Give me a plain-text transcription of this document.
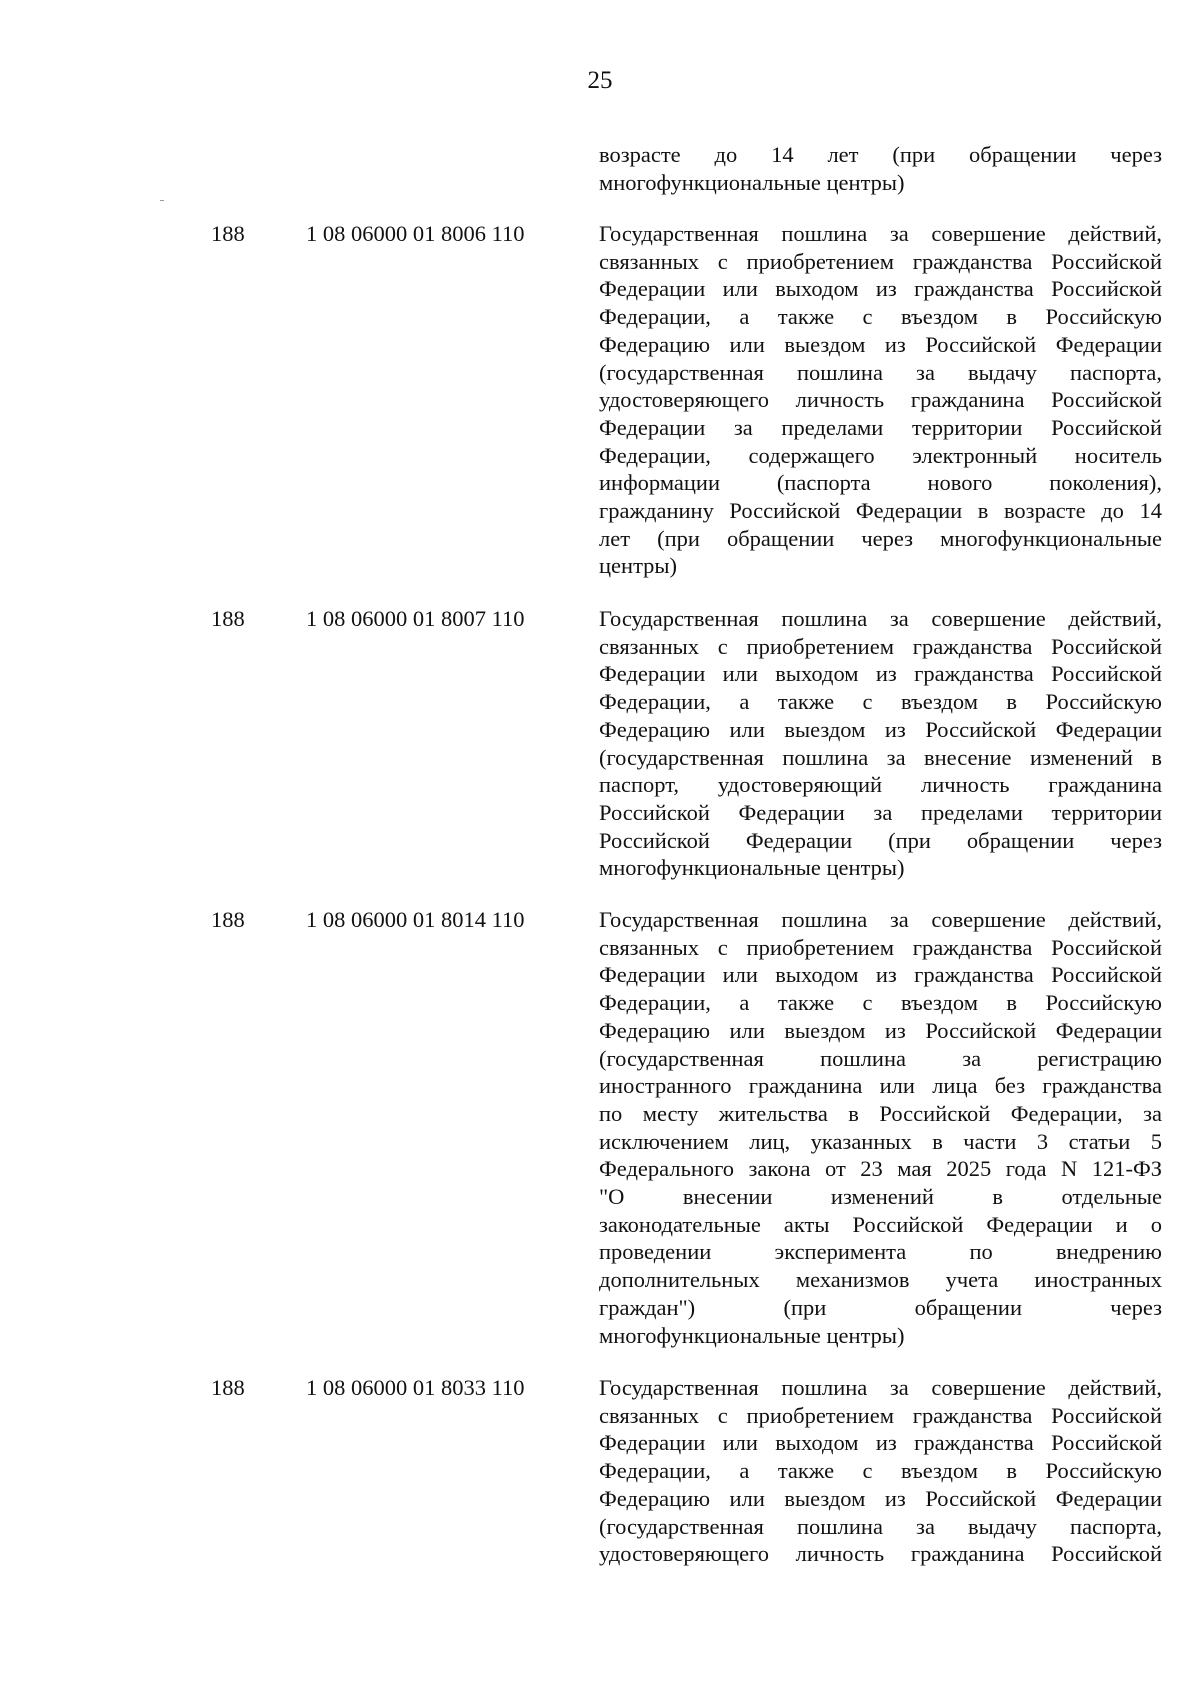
25
возрасте до 14 лет (при обращении через
многофункциональные центры)
188	1 08 06000 01 8006 110	Государственная пошлина за совершение действий,
связанных с приобретением гражданства Российской
Федерации или выходом из гражданства Российской
Федерации, а также с въездом в Российскую
Федерацию или выездом из Российской Федерации
(государственная пошлина за выдачу паспорта,
удостоверяющего личность гражданина Российской
Федерации за пределами территории Российской
Федерации, содержащего электронный носитель
информации (паспорта нового поколения),
гражданину Российской Федерации в возрасте до 14
лет (при обращении через многофункциональные
центры)
188	1 08 06000 01 8007 110	Государственная пошлина за совершение действий,
связанных с приобретением гражданства Российской
Федерации или выходом из гражданства Российской
Федерации, а также с въездом в Российскую
Федерацию или выездом из Российской Федерации
(государственная пошлина за внесение изменений в
паспорт, удостоверяющий личность гражданина
Российской Федерации за пределами территории
Российской Федерации (при обращении через
многофункциональные центры)
188	1 08 06000 01 8014 110	Государственная пошлина за совершение действий,
связанных с приобретением гражданства Российской
Федерации или выходом из гражданства Российской
Федерации, а также с въездом в Российскую
Федерацию или выездом из Российской Федерации
(государственная пошлина за регистрацию
иностранного гражданина или лица без гражданства
по месту жительства в Российской Федерации, за
исключением лиц, указанных в части 3 статьи 5
Федерального закона от 23 мая 2025 года N 121-ФЗ
"О внесении изменений в отдельные
законодательные акты Российской Федерации и о
проведении эксперимента по внедрению
дополнительных механизмов учета иностранных
граждан") (при обращении через
многофункциональные центры)
188	1 08 06000 01 8033 110	Государственная пошлина за совершение действий,
связанных с приобретением гражданства Российской
Федерации или выходом из гражданства Российской
Федерации, а также с въездом в Российскую
Федерацию или выездом из Российской Федерации
(государственная пошлина за выдачу паспорта,
удостоверяющего личность гражданина Российской
